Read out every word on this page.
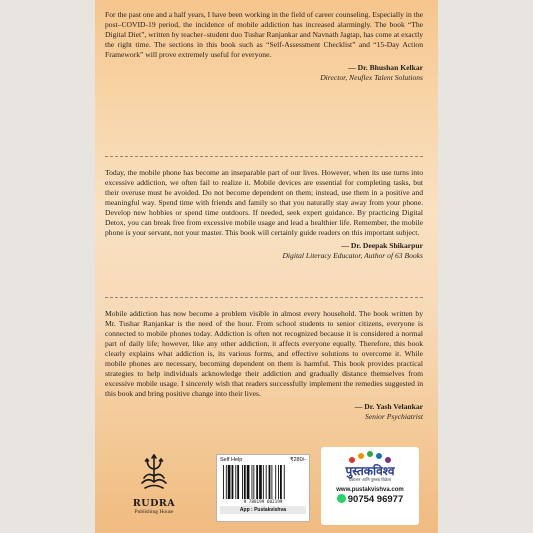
For the past one and a half years, I have been working in the field of career counseling. Especially in the post–COVID-19 period, the incidence of mobile addiction has increased alarmingly. The book “The Digital Diet”, written by teacher–student duo Tushar Ranjankar and Navnath Jagtap, has come at exactly the right time. The sections in this book such as “Self-Assessment Checklist” and “15-Day Action Framework” will prove extremely useful for everyone.

— Dr. Bhushan Kelkar
Director, Neuflex Talent Solutions

Today, the mobile phone has become an inseparable part of our lives. However, when its use turns into excessive addiction, we often fail to realize it. Mobile devices are essential for completing tasks, but their overuse must be avoided. Do not become dependent on them; instead, use them in a positive and meaningful way. Spend time with friends and family so that you naturally stay away from your phone. Develop new hobbies or spend time outdoors. If needed, seek expert guidance. By practicing Digital Detox, you can break free from excessive mobile usage and lead a healthier life. Remember, the mobile phone is your servant, not your master. This book will certainly guide readers on this important subject.

— Dr. Deepak Shikarpur
Digital Literacy Educator, Author of 63 Books

Mobile addiction has now become a problem visible in almost every household. The book written by Mr. Tushar Ranjankar is the need of the hour. From school students to senior citizens, everyone is connected to mobile phones today. Addiction is often not recognized because it is considered a normal part of daily life; however, like any other addiction, it affects everyone equally. Therefore, this book clearly explains what addiction is, its various forms, and effective solutions to overcome it. While mobile phones are necessary, becoming dependent on them is harmful. This book provides practical strategies to help individuals acknowledge their addiction and gradually distance themselves from excessive mobile usage. I sincerely wish that readers successfully implement the remedies suggested in this book and bring positive change into their lives.

— Dr. Yash Velankar
Senior Psychiatrist
RUDRA
Publishing House
Self Help	₹280/-
9 788199 602199
App : Pustakvishva
पुस्तकविश्व
प्रकाशन आणि पुस्तक विक्रेता
www.pustakvishva.com
90754 96977
